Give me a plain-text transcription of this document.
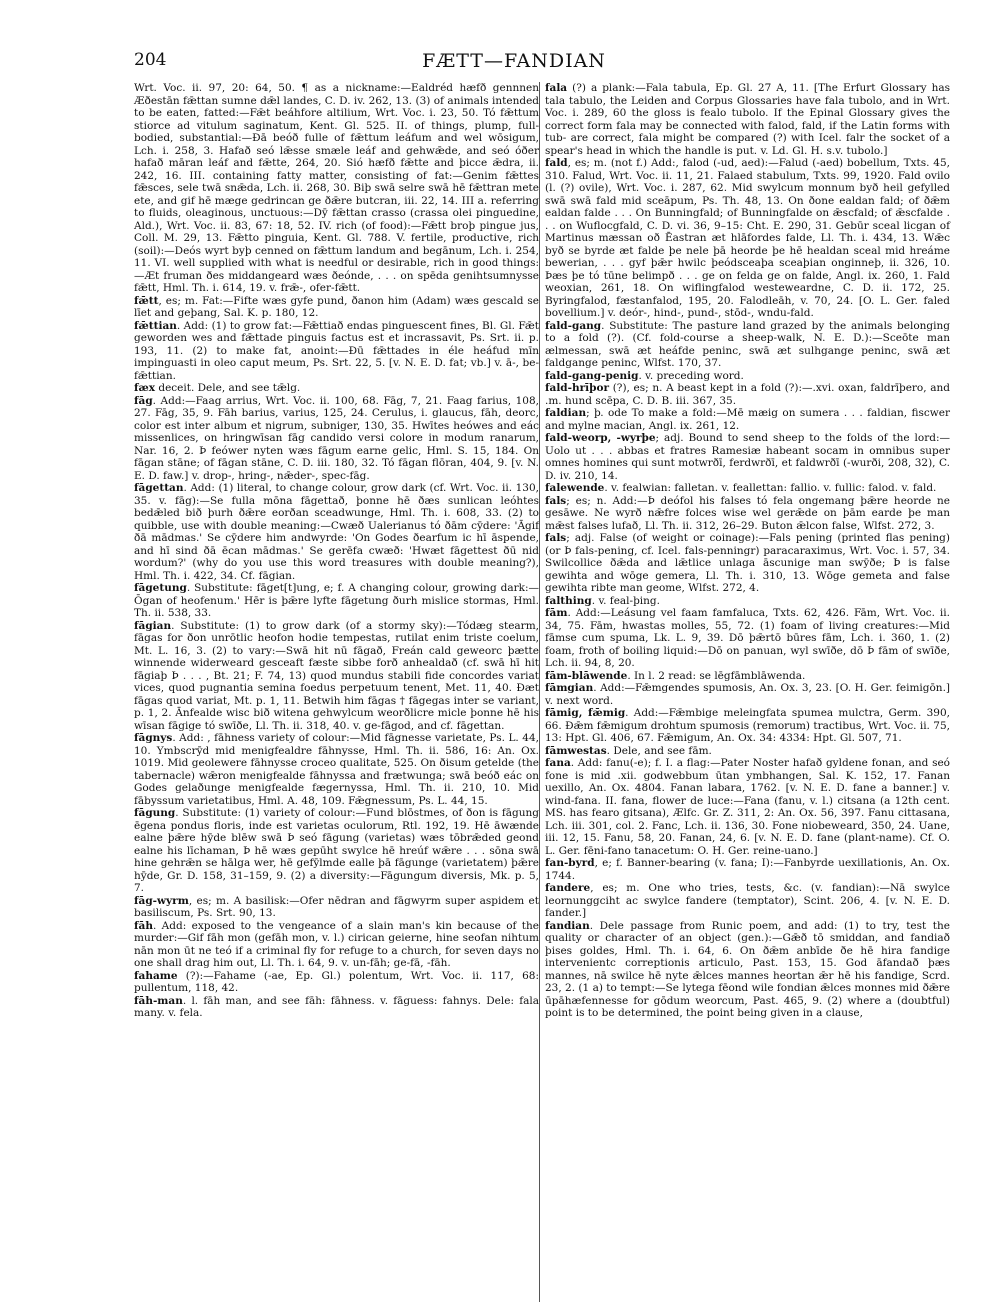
204	FÆTT—FANDIAN

Wrt. Voc. ii. 97, 20: 64, 50. ¶ as a nickname:—Ealdréd hæfð gennnen Æðestān fǣttan sumne dǣl landes, C. D. iv. 262, 13. (3) of animals intended to be eaten, fatted:—Fǣt beáhfore altilium, Wrt. Voc. i. 23, 50. Tó fǣttum stiorce ad vitulum saginatum, Kent. Gl. 525. II. of things, plump, full-bodied, substantial:—Đā beóð fulle of fǣttum leáfum and wel wōsigum, Lch. i. 258, 3. Hafað seó lǣsse smæle leáf and gehwǣde, and seó óðer hafað māran leáf and fǣtte, 264, 20. Sió hæfð fǣtte and þicce ǣdra, ii. 242, 16. III. containing fatty matter, consisting of fat:—Genim fǣttes fǣsces, sele twā snǣda, Lch. ii. 268, 30. Biþ swā selre swā hē fǣttran mete ete, and gif hē mæge gedrincan ge ðǣre butcran, iii. 22, 14. III a. referring to fluids, oleaginous, unctuous:—Dȳ fǣttan crasso (crassa olei pinguedine, Ald.), Wrt. Voc. ii. 83, 67: 18, 52. IV. rich (of food):—Fǣtt broþ pingue jus, Coll. M. 29, 13. Fǣtto pinguia, Kent. Gl. 788. V. fertile, productive, rich (soil):—Deós wyrt byþ cenned on fǣttum landum and begānum, Lch. i. 254, 11. VI. well supplied with what is needful or desirable, rich in good things:—Æt fruman ðes middangeard wæs ðeónde, . . . on spēda genihtsumnysse fǣtt, Hml. Th. i. 614, 19. v. frǣ-, ofer-fǣtt.

fǣtt, es; m. Fat:—Fifte wæs gyfe pund, ðanon him (Adam) wæs gescald se līet and geþang, Sal. K. p. 180, 12.

fǣttian. Add: (1) to grow fat:—Fǣttiað endas pinguescent fines, Bl. Gl. Fǣt geworden wes and fǣttade pinguis factus est et incrassavit, Ps. Srt. ii. p. 193, 11. (2) to make fat, anoint:—Đū fǣttades in éle heáfud mīn impinguasti in oleo caput meum, Ps. Srt. 22, 5. [v. N. E. D. fat; vb.] v. ā-, be-fǣttian.

fæx deceit. Dele, and see tǣlg.

fāg. Add:—Faag arrius, Wrt. Voc. ii. 100, 68. Fāg, 7, 21. Faag farius, 108, 27. Fāg, 35, 9. Fāh barius, varius, 125, 24. Cerulus, i. glaucus, fāh, deorc, color est inter album et nigrum, subniger, 130, 35. Hwītes heówes and eác missenlices, on hringwīsan fāg candido versi colore in modum ranarum, Nar. 16, 2. Þ feówer nyten wæs fāgum earne gelic, Hml. S. 15, 184. On fāgan stāne; of fāgan stāne, C. D. iii. 180, 32. Tó fāgan flōran, 404, 9. [v. N. E. D. faw.] v. drop-, hring-, nǣder-, spec-fāg.

fāgettan. Add: (1) literal, to change colour, grow dark (cf. Wrt. Voc. ii. 130, 35. v. fāg):—Se fulla mōna fāgettað, þonne hē ðæs sunlican leóhtes bedǣled bið þurh ðǣre eorðan sceadwunge, Hml. Th. i. 608, 33. (2) to quibble, use with double meaning:—Cwæð Ualerianus tó ðām cȳdere: 'Āgif ðā mādmas.' Se cȳdere him andwyrde: 'On Godes ðearfum ic hī āspende, and hī sind ðā ēcan mādmas.' Se gerēfa cwæð: 'Hwæt fāgettest ðū nid wordum?' (why do you use this word treasures with double meaning?), Hml. Th. i. 422, 34. Cf. fāgian.

fāgetung. Substitute: fāget[t]ung, e; f. A changing colour, growing dark:—Ōgan of heofenum.' Hēr is þǣre lyfte fāgetung ðurh mislice stormas, Hml. Th. ii. 538, 33.

fāgian. Substitute: (1) to grow dark (of a stormy sky):—Tódæg stearm, fāgas for ðon unrōtlic heofon hodie tempestas, rutilat enim triste coelum, Mt. L. 16, 3. (2) to vary:—Swā hit nū fāgað, Freán cald geweorc þætte winnende widerweard gesceaft fæste sibbe forð anhealdað (cf. swā hī hit fāgiaþ Þ . . . , Bt. 21; F. 74, 13) quod mundus stabili fide concordes variat vices, quod pugnantia semina foedus perpetuum tenent, Met. 11, 40. Đæt fāgas quod variat, Mt. p. 1, 11. Betwih him fāgas † fāgegas inter se variant, p. 1, 2. Ānfealde wisc bið witena gehwylcum weorðlicre micle þonne hē his wīsan fāgige tó swīðe, Ll. Th. ii. 318, 40. v. ge-fāgod, and cf. fāgettan.

fāgnys. Add: , fāhness variety of colour:—Mid fāgnesse varietate, Ps. L. 44, 10. Ymbscrȳd mid menigfealdre fāhnysse, Hml. Th. ii. 586, 16: An. Ox. 1019. Mid geolewere fāhnysse croceo qualitate, 525. On ðisum getelde (the tabernacle) wǣron menigfealde fāhnyssa and frætwunga; swā beóð eác on Godes gelaðunge menigfealde fægernyssa, Hml. Th. ii. 210, 10. Mid fābyssum varietatibus, Hml. A. 48, 109. Fǣgnessum, Ps. L. 44, 15.

fāgung. Substitute: (1) variety of colour:—Fund blōstmes, of ðon is fāgung ēgena pondus floris, inde est varietas oculorum, Rtl. 192, 19. Hē āwænde ealne þǣre hȳde blēw swā Þ seó fāgung (varietas) wæs tōbrǣded geond ealne his līchaman, Þ hē wæs gepūht swylce hē hreúf wǣre . . . sōna swā hine gehrǣn se hālga wer, hē gefȳlmde ealle þā fāgunge (varietatem) þǣre hȳde, Gr. D. 158, 31–159, 9. (2) a diversity:—Fāgungum diversis, Mk. p. 5, 7.

fāg-wyrm, es; m. A basilisk:—Ofer nēdran and fāgwyrm super aspidem et basiliscum, Ps. Srt. 90, 13.

fāh. Add: exposed to the vengeance of a slain man's kin because of the murder:—Gif fāh mon (gefāh mon, v. l.) cirican geierne, hine seofan nihtum nān mon ūt ne teó if a criminal fly for refuge to a church, for seven days no one shall drag him out, Ll. Th. i. 64, 9. v. un-fāh; ge-fā, -fāh.

fahame (?):—Fahame (-ae, Ep. Gl.) polentum, Wrt. Voc. ii. 117, 68: pullentum, 118, 42.

fāh-man. l. fāh man, and see fāh: fāhness. v. fāguess: fahnys. Dele: fala many. v. fela.

fala (?) a plank:—Fala tabula, Ep. Gl. 27 A, 11. [The Erfurt Glossary has tala tabulo, the Leiden and Corpus Glossaries have fala tubolo, and in Wrt. Voc. i. 289, 60 the gloss is fealo tubolo. If the Epinal Glossary gives the correct form fala may be connected with falod, fald, if the Latin forms with tub- are correct, fala might be compared (?) with Icel. falr the socket of a spear's head in which the handle is put. v. Ld. Gl. H. s.v. tubolo.]

fald, es; m. (not f.) Add:, falod (-ud, aed):—Falud (-aed) bobellum, Txts. 45, 310. Falud, Wrt. Voc. ii. 11, 21. Falaed stabulum, Txts. 99, 1920. Fald ovilo (l. (?) ovile), Wrt. Voc. i. 287, 62. Mid swylcum monnum byð heil gefylled swā swā fald mid sceāpum, Ps. Th. 48, 13. On ðone ealdan fald; of ðǣm ealdan falde . . . On Bunningfald; of Bunningfalde on ǣscfald; of ǣscfalde . . . on Wuflocgfald, C. D. vi. 36, 9–15: Cht. E. 290, 31. Gebūr sceal licgan of Martinus mæssan oð Ēastran æt hlāfordes falde, Ll. Th. i. 434, 13. Wǣc byð se byrde æt falde þe nele þā heorde þe hē healdan sceal mid hreáme bewerian, . . . gyf þǣr hwilc þeódsceaþa sceaþian onginneþ, ii. 326, 10. Þæs þe tó tūne belimpð . . . ge on felda ge on falde, Angl. ix. 260, 1. Fald weoxian, 261, 18. On wiflingfalod westeweardne, C. D. ii. 172, 25. Byringfalod, fæstanfalod, 195, 20. Falodleāh, v. 70, 24. [O. L. Ger. faled bovellium.] v. deór-, hind-, pund-, stōd-, wndu-fald.

fald-gang. Substitute: The pasture land grazed by the animals belonging to a fold (?). (Cf. fold-course a sheep-walk, N. E. D.):—Sceōte man ælmessan, swā æt heáfde peninc, swā æt sulhgange peninc, swā æt faldgange peninc, Wlfst. 170, 37.

fald-gang-penig. v. preceding word.

fald-hrīþor (?), es; n. A beast kept in a fold (?):—.xvi. oxan, faldrīþero, and .m. hund scēpa, C. D. B. iii. 367, 35.

faldian; þ. ode To make a fold:—Mē mæig on sumera . . . faldian, fiscwer and mylne macian, Angl. ix. 261, 12.

fald-weorp, -wyrþe; adj. Bound to send sheep to the folds of the lord:—Uolo ut . . . abbas et fratres Ramesiæ habeant socam in omnibus super omnes homines qui sunt motwrðī, ferdwrðī, et faldwrðī (-wurði, 208, 32), C. D. iv. 210, 14.

falewende. v. fealwian: falletan. v. feallettan: fallio. v. fullic: falod. v. fald.

fals; es; n. Add:—Þ deófol his falses tó fela ongemang þǣre heorde ne gesāwe. Ne wyrð nǣfre folces wise wel gerǣde on þām earde þe man mǣst falses lufað, Ll. Th. ii. 312, 26–29. Buton ǣlcon false, Wlfst. 272, 3.

fals; adj. False (of weight or coinage):—Fals pening (printed flas pening) (or Þ fals-pening, cf. Icel. fals-penningr) paracaraximus, Wrt. Voc. i. 57, 34. Swilcollice ðǣda and lǣtlice unlaga āscunige man swȳðe; Þ is false gewihta and wōge gemera, Ll. Th. i. 310, 13. Wōge gemeta and false gewihta ribte man geome, Wlfst. 272, 4.

falthing. v. feal-þing.

fām. Add:—Leásung vel faam famfaluca, Txts. 62, 426. Fām, Wrt. Voc. ii. 34, 75. Fām, hwastas molles, 55, 72. (1) foam of living creatures:—Mid fāmse cum spuma, Lk. L. 9, 39. Dō þǣrtō būres fām, Lch. i. 360, 1. (2) foam, froth of boiling liquid:—Dō on panuan, wyl swīðe, dō Þ fām of swīðe, Lch. ii. 94, 8, 20.

fām-blāwende. In l. 2 read: se lēgfāmblāwenda.

fāmgian. Add:—Fǣmgendes spumosis, An. Ox. 3, 23. [O. H. Ger. feimigōn.] v. next word.

fāmig, fǣmig. Add:—Fǣmbige meleingfata spumea mulctra, Germ. 390, 66. Đǣm fǣmigum drohtum spumosis (remorum) tractibus, Wrt. Voc. ii. 75, 13: Hpt. Gl. 406, 67. Fǣmigum, An. Ox. 34: 4334: Hpt. Gl. 507, 71.

fāmwestas. Dele, and see fām.

fana. Add: fanu(-e); f. I. a flag:—Pater Noster hafað gyldene fonan, and seó fone is mid .xii. godwebbum ūtan ymbhangen, Sal. K. 152, 17. Fanan uexillo, An. Ox. 4804. Fanan labara, 1762. [v. N. E. D. fane a banner.] v. wind-fana. II. fana, flower de luce:—Fana (fanu, v. l.) citsana (a 12th cent. MS. has fearo gitsana), Ælfc. Gr. Z. 311, 2: An. Ox. 56, 397. Fanu cittasana, Lch. iii. 301, col. 2. Fanc, Lch. ii. 136, 30. Fone niobeweard, 350, 24. Uane, iii. 12, 15. Fanu, 58, 20. Fanan, 24, 6. [v. N. E. D. fane (plant-name). Cf. O. L. Ger. fēni-fano tanacetum: O. H. Ger. reine-uano.]

fan-byrd, e; f. Banner-bearing (v. fana; I):—Fanbyrde uexillationis, An. Ox. 1744.

fandere, es; m. One who tries, tests, &c. (v. fandian):—Nā swylce leornunggciht ac swylce fandere (temptator), Scint. 206, 4. [v. N. E. D. fander.]

fandian. Dele passage from Runic poem, and add: (1) to try, test the quality or character of an object (gen.):—Gǣð tō smiddan, and fandiað þises goldes, Hml. Th. i. 64, 6. On ðǣm anbīde ðe hē hira fandige intervenientc correptionis articulo, Past. 153, 15. God āfandað þæs mannes, nā swilce hē nyte ǣlces mannes heortan ǣr hē his fandige, Scrd. 23, 2. (1 a) to tempt:—Se lytega fēond wile fondian ǣlces monnes mid ðǣre ūpāhæfennesse for gōdum weorcum, Past. 465, 9. (2) where a (doubtful) point is to be determined, the point being given in a clause,
